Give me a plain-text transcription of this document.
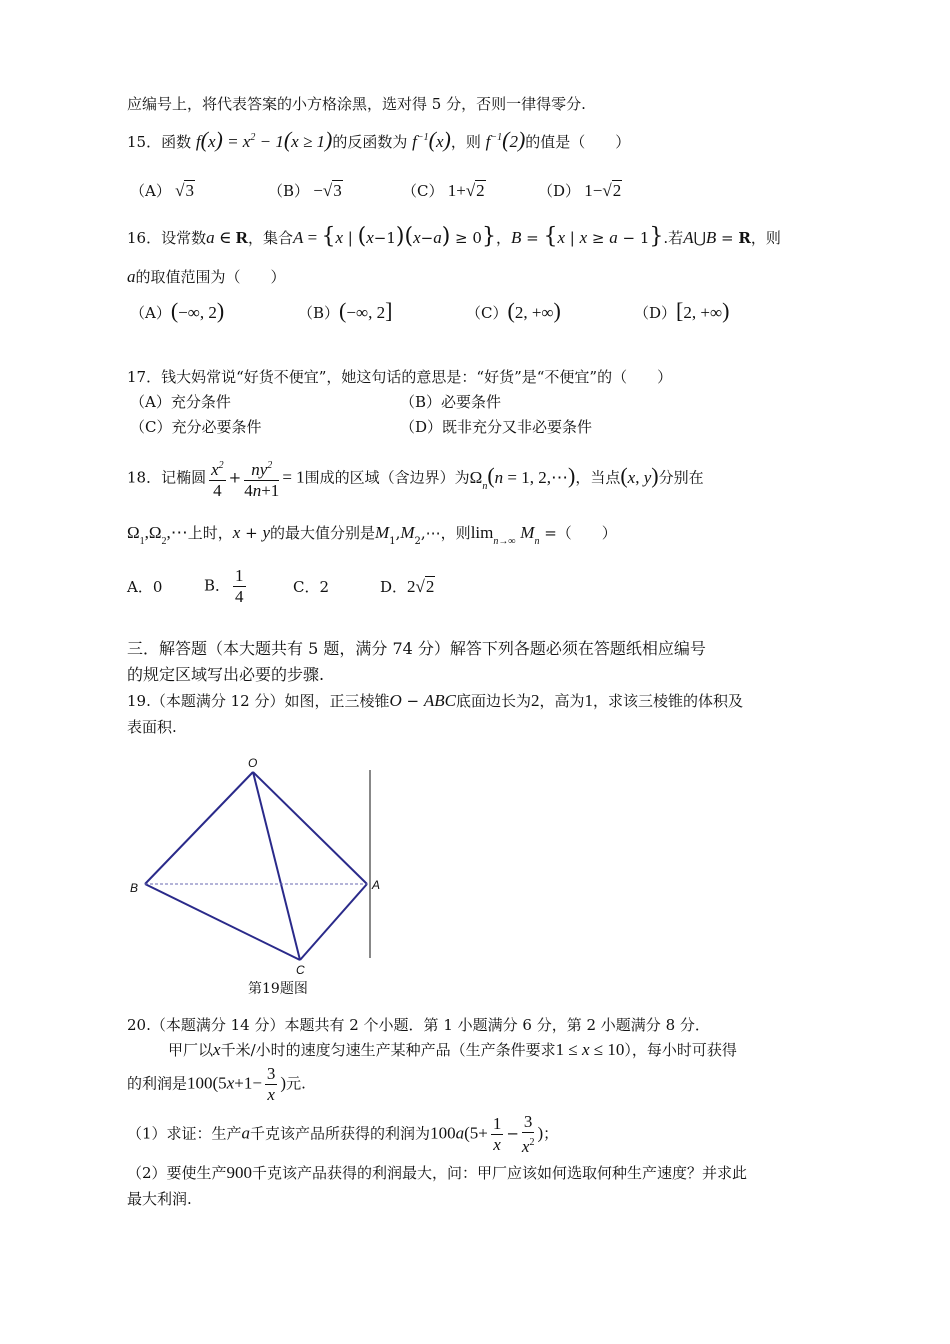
应编号上，将代表答案的小方格涂黑，选对得 5 分，否则一律得零分.
15．函数 $f(x) = x^2 - 1(x \ge 1)$的反函数为 $f^{-1}(x)$，则 $f^{-1}(2)$的值是（　　）
（A） √3	（B） −√3	（C） 1+√2	（D） 1−√2
16．设常数a ∈ R，集合A = {x | (x−1)(x−a) ≥ 0}，B = {x | x ≥ a − 1}.若A⋃B = R，则
a的取值范围为（　　）
（A）(−∞, 2)	（B）(−∞, 2]	（C）(2, +∞)	（D）[2, +∞)
17．钱大妈常说“好货不便宜”，她这句话的意思是：“好货”是“不便宜”的（　　）
（A）充分条件	（B）必要条件
（C）充分必要条件	（D）既非充分又非必要条件
18．记椭圆 $\frac{x^2}{4} + \frac{ny^2}{4n+1} = 1$围成的区域（含边界）为$\Omega_n(n = 1$, 2,⋯)，当点(x, y)分别在
$\Omega_1,\Omega_2,\cdots$上时，x + y的最大值分别是$M_1,M_2,\cdots$，则$\lim_{n\to\infty} M_n$ =（　　）
A．0	B． $\frac{1}{4}$	C．2	D．2√2
三．解答题（本大题共有 5 题，满分 74 分）解答下列各题必须在答题纸相应编号
的规定区域写出必要的步骤.
19.（本题满分 12 分）如图，正三棱锥O − ABC底面边长为2，高为1，求该三棱锥的体积及
表面积.
O
B	A
C
第19题图
20.（本题满分 14 分）本题共有 2 个小题．第 1 小题满分 6 分，第 2 小题满分 8 分．
甲厂以x千米/小时的速度匀速生产某种产品（生产条件要求1 ≤ x ≤ 10），每小时可获得
的利润是$100(5x+1- \frac{3}{x}$ )元.
（1）求证：生产a千克该产品所获得的利润为$100a(5+ \frac{1}{x} - \frac{3}{x^2}$ )；
（2）要使生产900千克该产品获得的利润最大，问：甲厂应该如何选取何种生产速度？并求此
最大利润.
